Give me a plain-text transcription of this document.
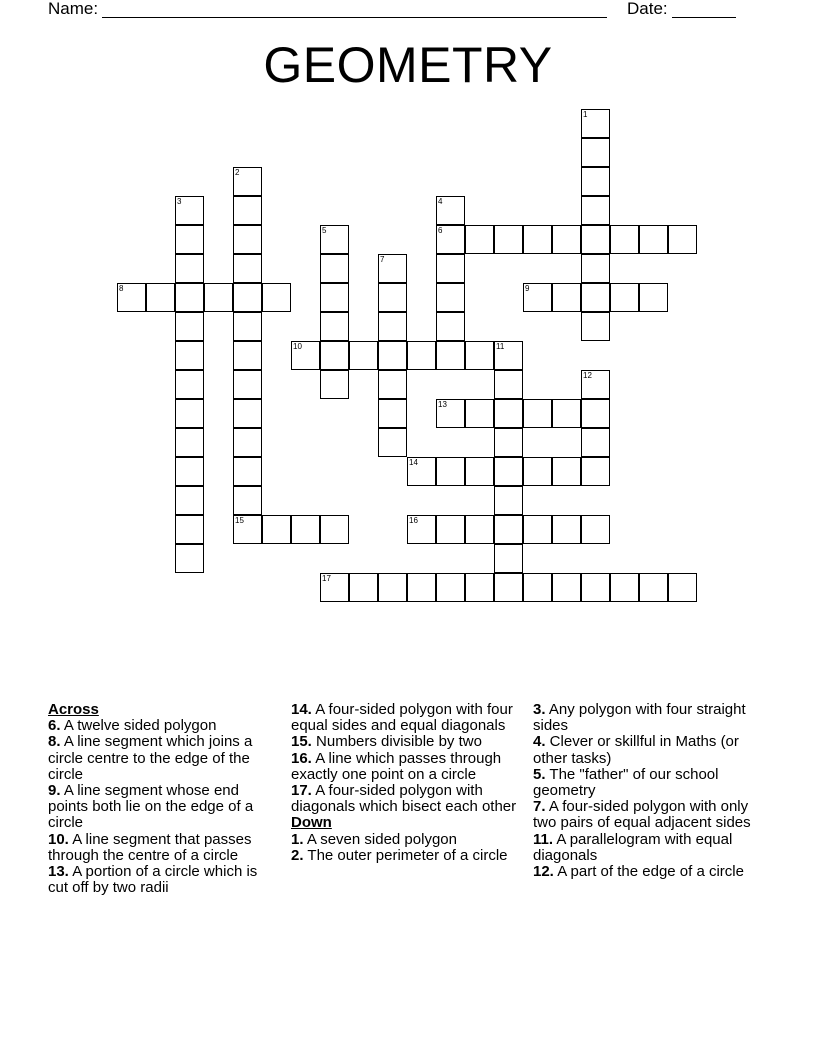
Name:	Date:
GEOMETRY
1
2
15
3	4
6
5
7
8	9
10	11
12
13
14
16
17
Across
6. A twelve sided polygon
8. A line segment which joins a circle centre to the edge of the circle
9. A line segment whose end points both lie on the edge of a circle
10. A line segment that passes through the centre of a circle
13. A portion of a circle which is cut off by two radii
14. A four-sided polygon with four equal sides and equal diagonals
15. Numbers divisible by two
16. A line which passes through exactly one point on a circle
17. A four-sided polygon with diagonals which bisect each other
Down
1. A seven sided polygon
2. The outer perimeter of a circle
3. Any polygon with four straight sides
4. Clever or skillful in Maths (or other tasks)
5. The "father" of our school geometry
7. A four-sided polygon with only two pairs of equal adjacent sides
11. A parallelogram with equal diagonals
12. A part of the edge of a circle
